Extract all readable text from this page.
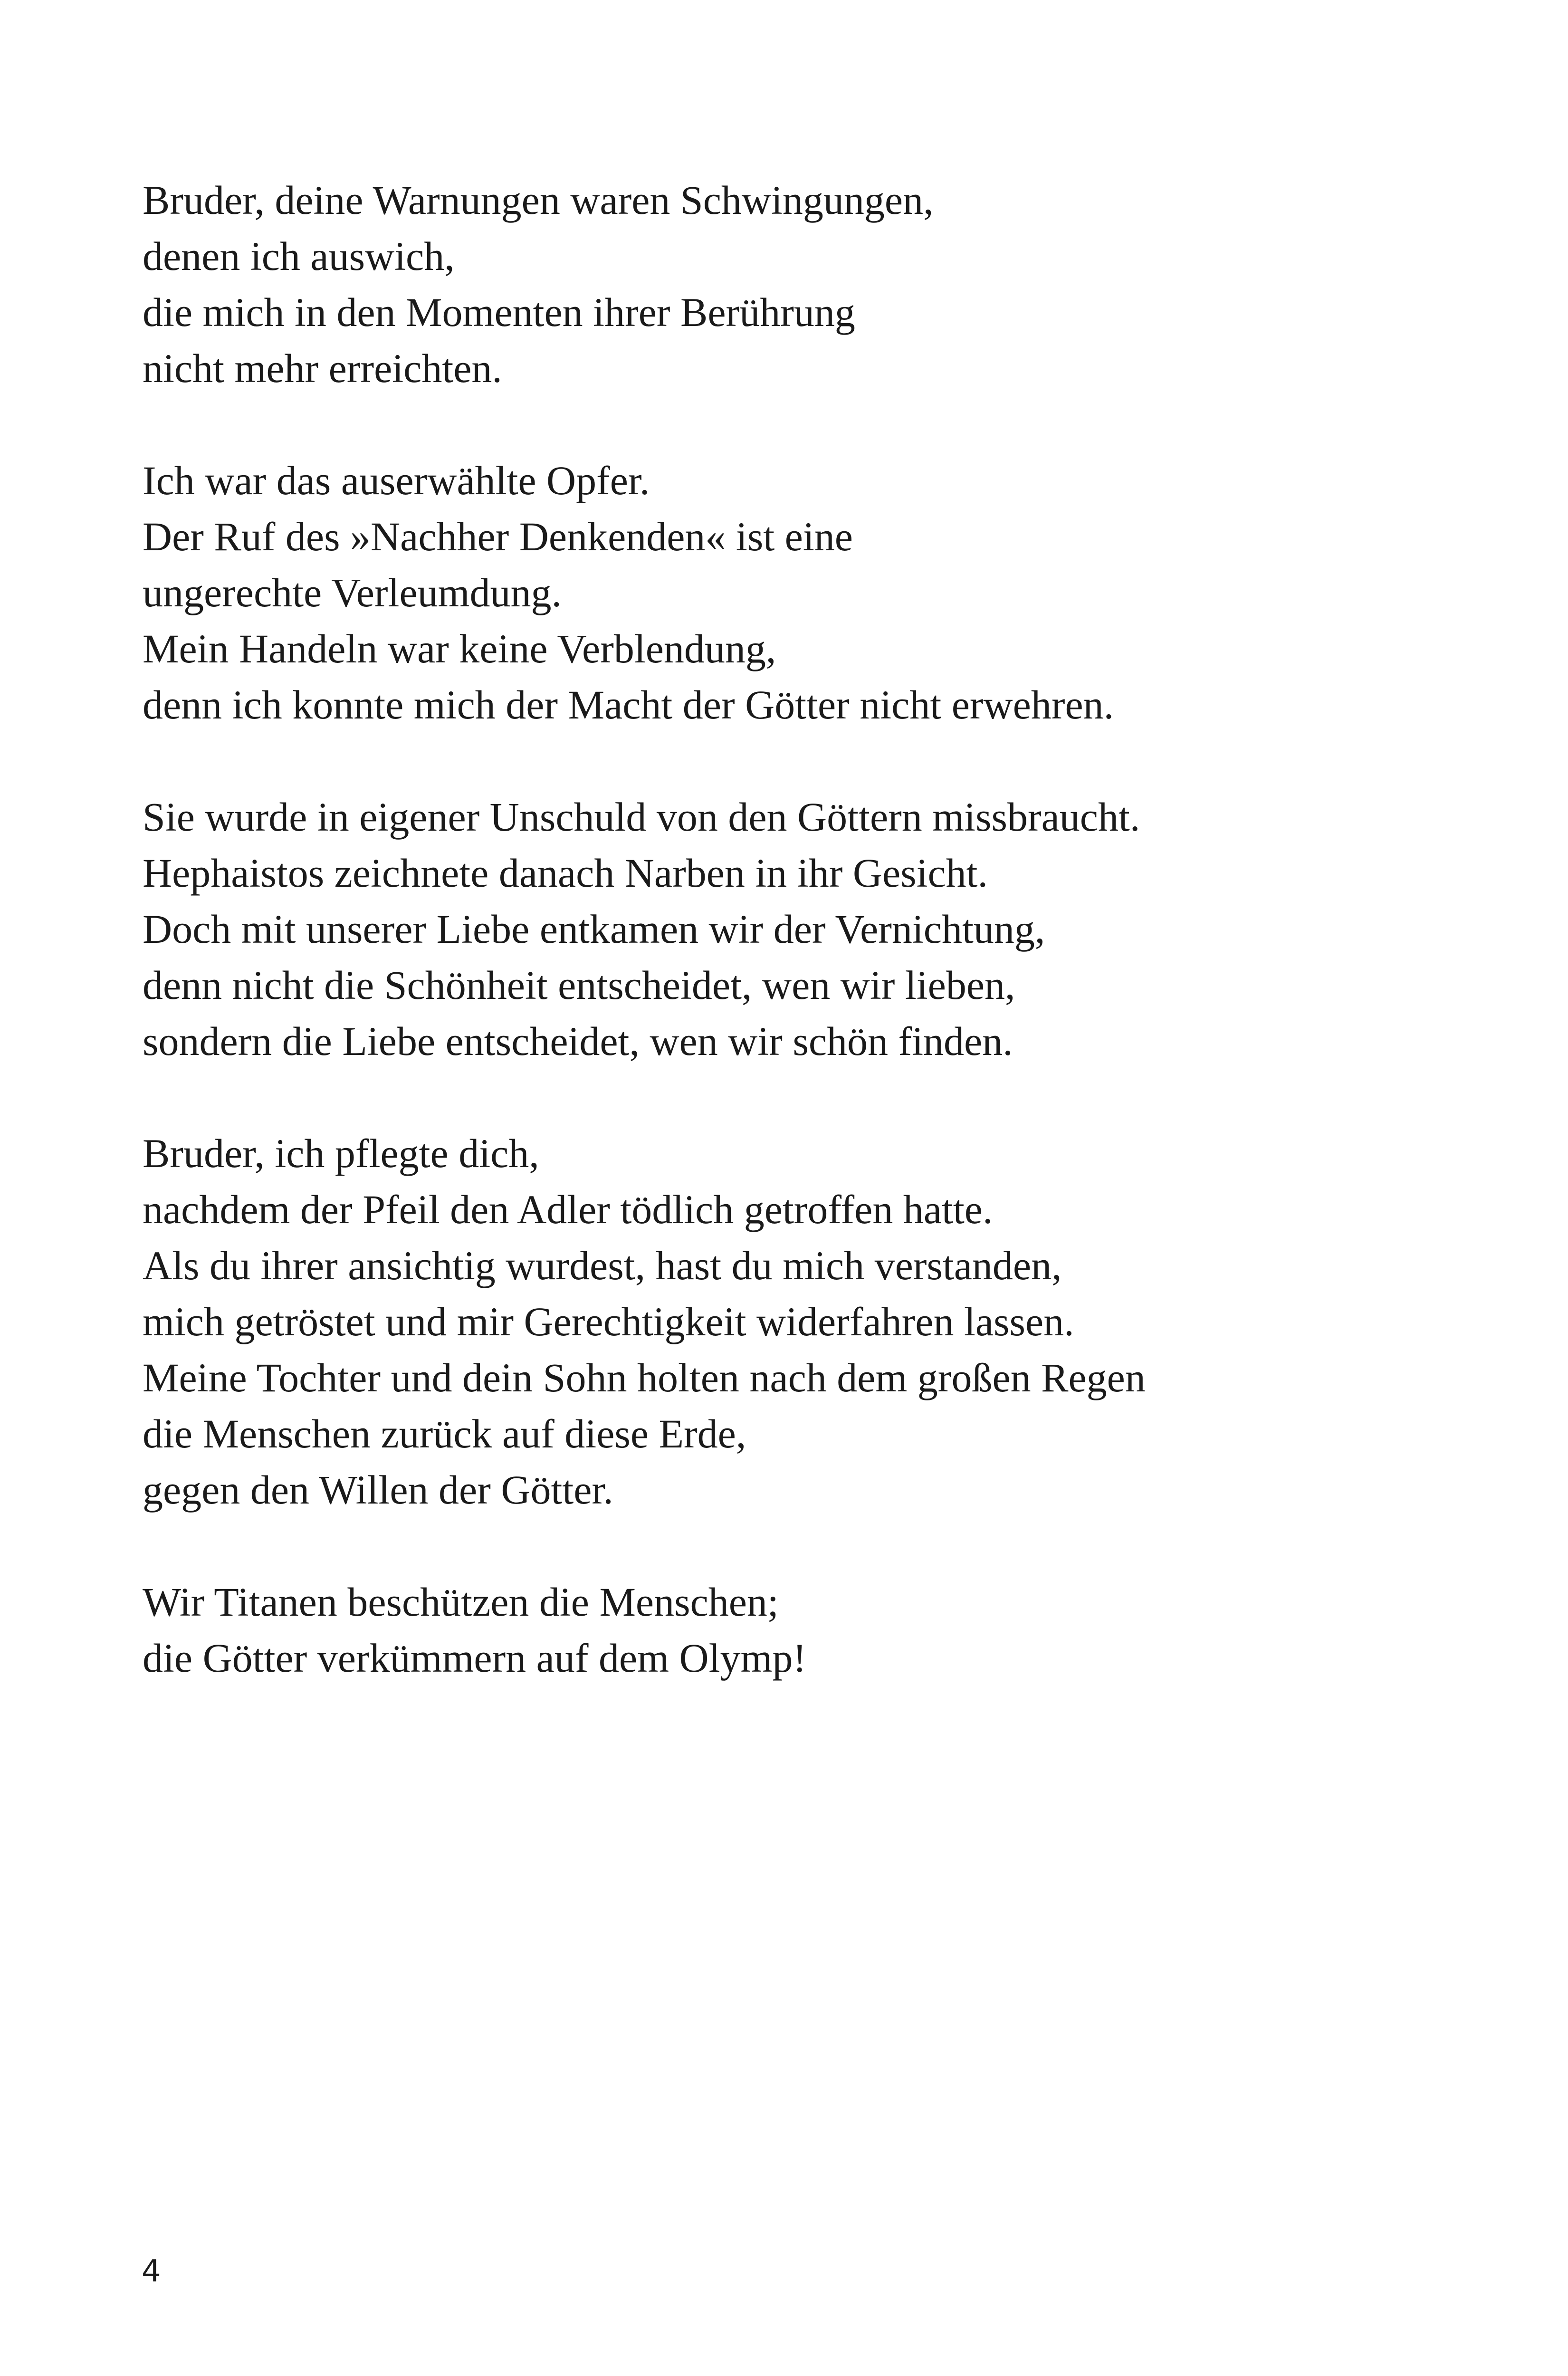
Bruder, deine Warnungen waren Schwingungen,
denen ich auswich,
die mich in den Momenten ihrer Berührung
nicht mehr erreichten.
Ich war das auserwählte Opfer.
Der Ruf des »Nachher Denkenden« ist eine
ungerechte Verleumdung.
Mein Handeln war keine Verblendung,
denn ich konnte mich der Macht der Götter nicht erwehren.
Sie wurde in eigener Unschuld von den Göttern missbraucht.
Hephaistos zeichnete danach Narben in ihr Gesicht.
Doch mit unserer Liebe entkamen wir der Vernichtung,
denn nicht die Schönheit entscheidet, wen wir lieben,
sondern die Liebe entscheidet, wen wir schön finden.
Bruder, ich pflegte dich,
nachdem der Pfeil den Adler tödlich getroffen hatte.
Als du ihrer ansichtig wurdest, hast du mich verstanden,
mich getröstet und mir Gerechtigkeit widerfahren lassen.
Meine Tochter und dein Sohn holten nach dem großen Regen
die Menschen zurück auf diese Erde,
gegen den Willen der Götter.
Wir Titanen beschützen die Menschen;
die Götter verkümmern auf dem Olymp!
4
